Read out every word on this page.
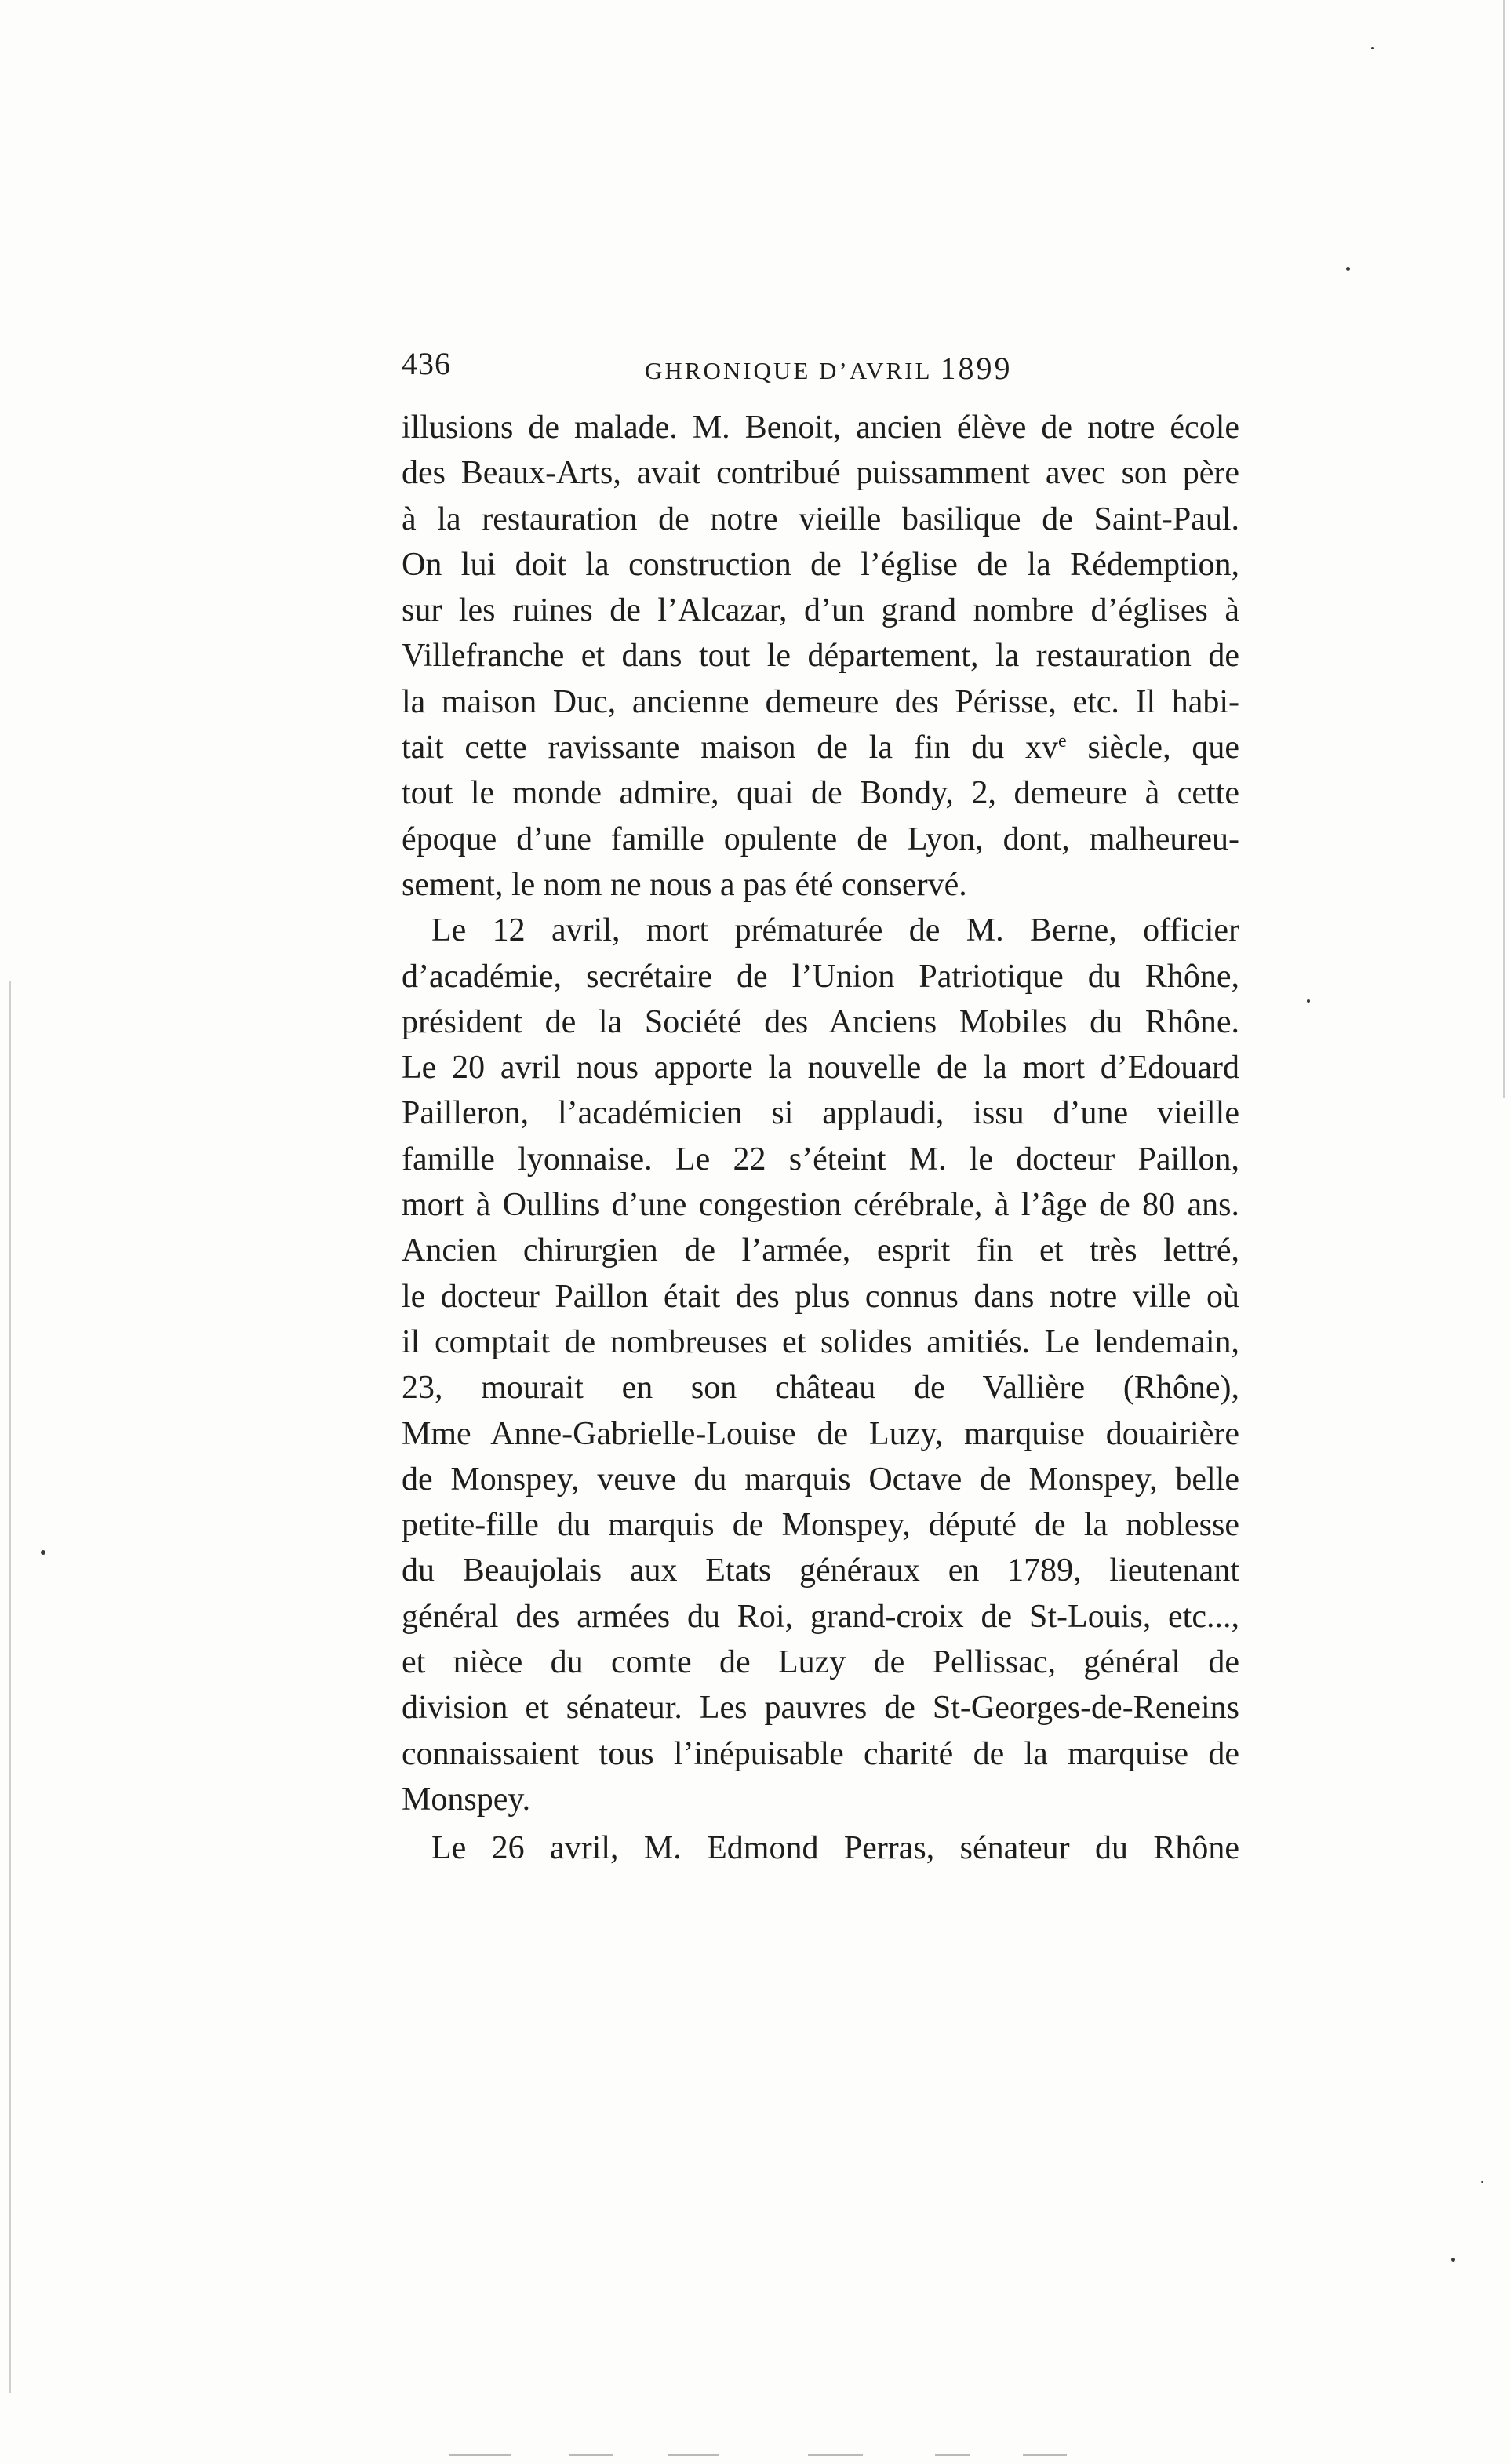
436	GHRONIQUE D’AVRIL 1899
illusions de malade. M. Benoit, ancien élève de notre école
des Beaux-Arts, avait contribué puissamment avec son père
à la restauration de notre vieille basilique de Saint-Paul.
On lui doit la construction de l’église de la Rédemption,
sur les ruines de l’Alcazar, d’un grand nombre d’églises à
Villefranche et dans tout le département, la restauration de
la maison Duc, ancienne demeure des Périsse, etc. Il habi-
tait cette ravissante maison de la fin du $xv^e$ siècle, que
tout le monde admire, quai de Bondy, 2, demeure à cette
époque d’une famille opulente de Lyon, dont, malheureu-
sement, le nom ne nous a pas été conservé.
Le 12 avril, mort prématurée de M. Berne, officier
d’académie, secrétaire de l’Union Patriotique du Rhône,
président de la Société des Anciens Mobiles du Rhône.
Le 20 avril nous apporte la nouvelle de la mort d’Edouard
Pailleron, l’académicien si applaudi, issu d’une vieille
famille lyonnaise. Le 22 s’éteint M. le docteur Paillon,
mort à Oullins d’une congestion cérébrale, à l’âge de 80 ans.
Ancien chirurgien de l’armée, esprit fin et très lettré,
le docteur Paillon était des plus connus dans notre ville où
il comptait de nombreuses et solides amitiés. Le lendemain,
23, mourait en son château de Vallière (Rhône),
Mme Anne-Gabrielle-Louise de Luzy, marquise douairière
de Monspey, veuve du marquis Octave de Monspey, belle
petite-fille du marquis de Monspey, député de la noblesse
du Beaujolais aux Etats généraux en 1789, lieutenant
général des armées du Roi, grand-croix de St-Louis, etc...,
et nièce du comte de Luzy de Pellissac, général de
division et sénateur. Les pauvres de St-Georges-de-Reneins
connaissaient tous l’inépuisable charité de la marquise de
Monspey.
Le 26 avril, M. Edmond Perras, sénateur du Rhône
